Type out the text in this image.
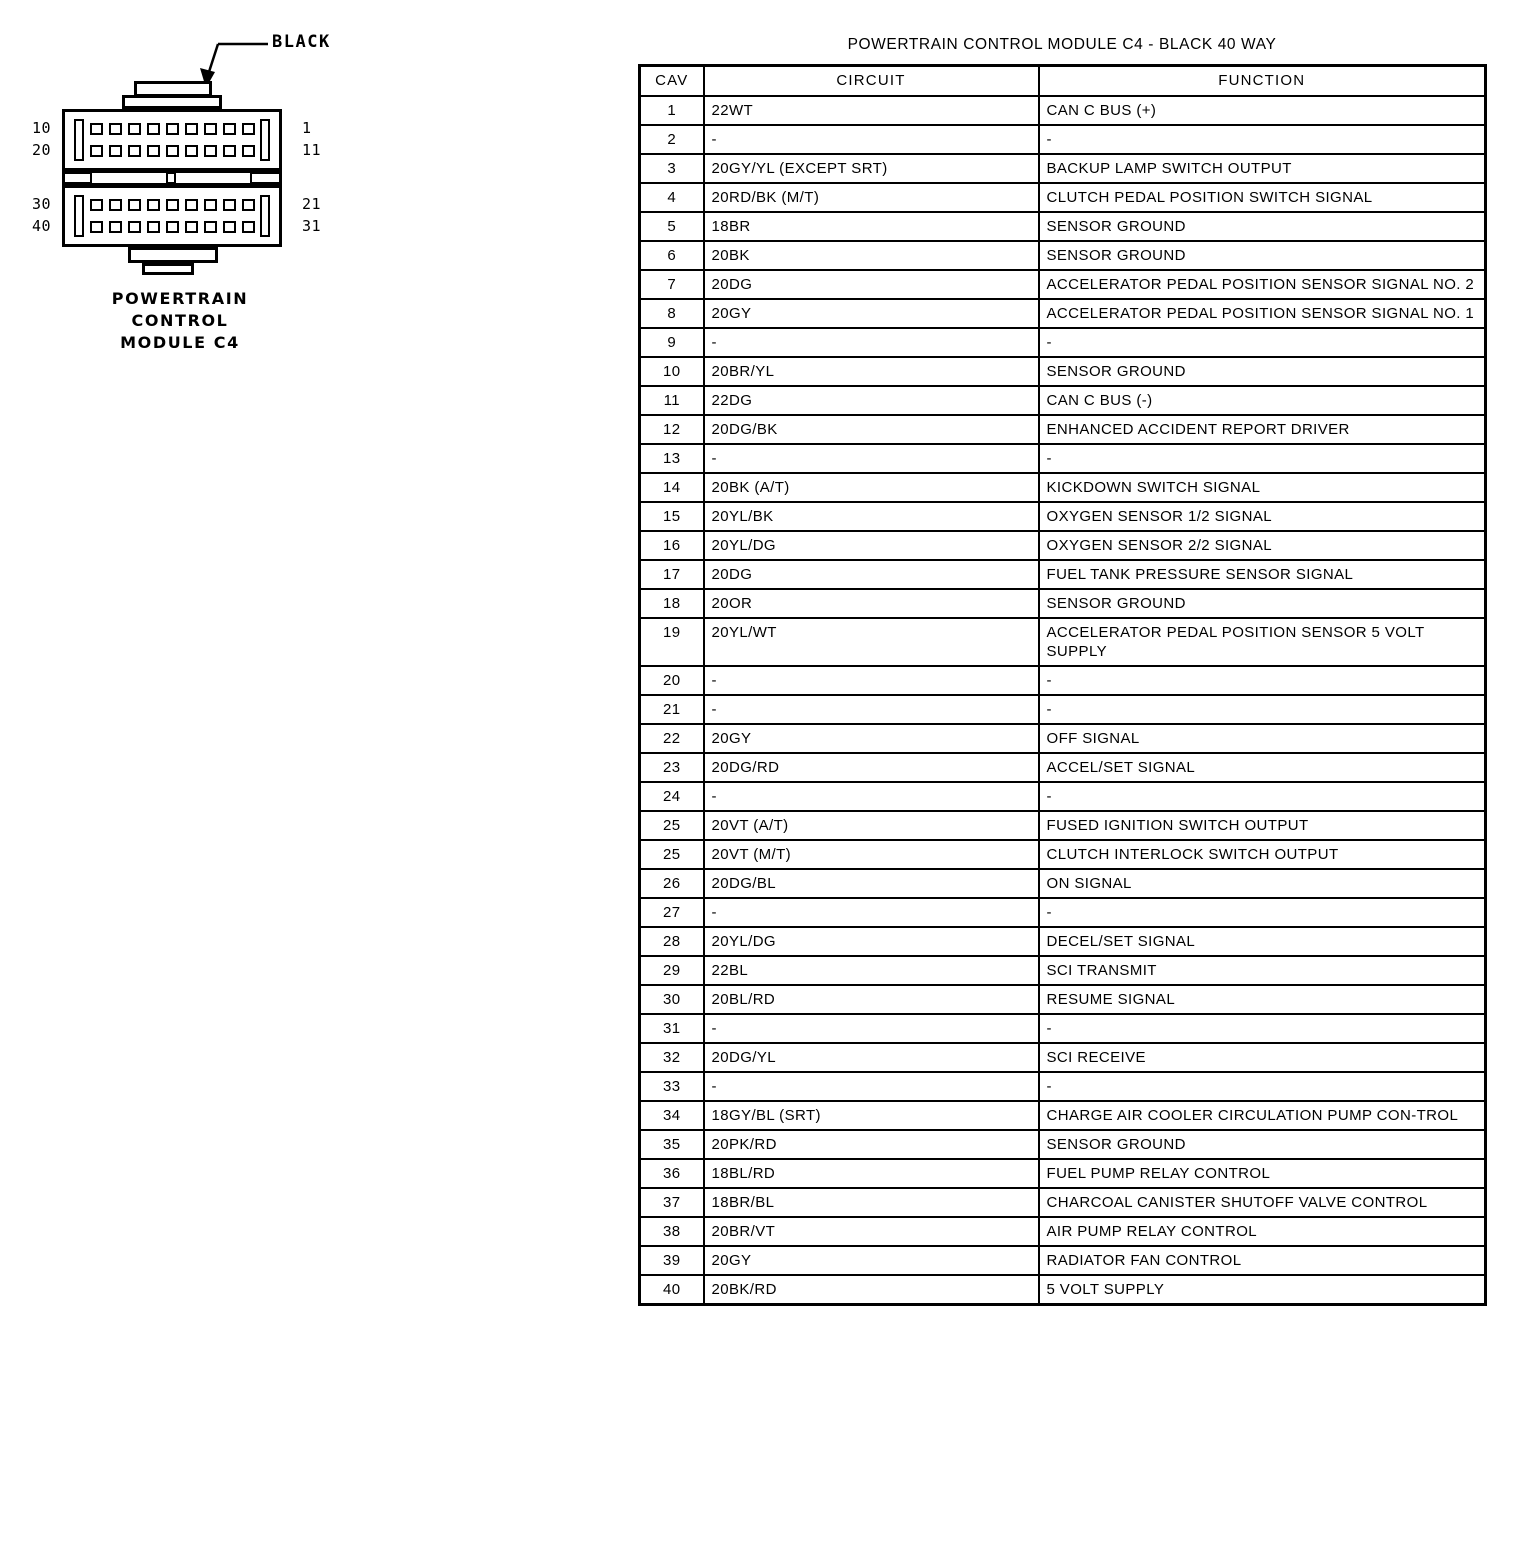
BLACK
10
20
30
40
1
11
21
31
POWERTRAIN
CONTROL
MODULE C4
POWERTRAIN CONTROL MODULE C4 - BLACK 40 WAY
CAV	CIRCUIT	FUNCTION
1	22WT	CAN C BUS (+)
2	-	-
3	20GY/YL (EXCEPT SRT)	BACKUP LAMP SWITCH OUTPUT
4	20RD/BK (M/T)	CLUTCH PEDAL POSITION SWITCH SIGNAL
5	18BR	SENSOR GROUND
6	20BK	SENSOR GROUND
7	20DG	ACCELERATOR PEDAL POSITION SENSOR SIGNAL NO. 2
8	20GY	ACCELERATOR PEDAL POSITION SENSOR SIGNAL NO. 1
9	-	-
10	20BR/YL	SENSOR GROUND
11	22DG	CAN C BUS (-)
12	20DG/BK	ENHANCED ACCIDENT REPORT DRIVER
13	-	-
14	20BK (A/T)	KICKDOWN SWITCH SIGNAL
15	20YL/BK	OXYGEN SENSOR 1/2 SIGNAL
16	20YL/DG	OXYGEN SENSOR 2/2 SIGNAL
17	20DG	FUEL TANK PRESSURE SENSOR SIGNAL
18	20OR	SENSOR GROUND
19	20YL/WT	ACCELERATOR PEDAL POSITION SENSOR 5 VOLT SUPPLY
20	-	-
21	-	-
22	20GY	OFF SIGNAL
23	20DG/RD	ACCEL/SET SIGNAL
24	-	-
25	20VT (A/T)	FUSED IGNITION SWITCH OUTPUT
25	20VT (M/T)	CLUTCH INTERLOCK SWITCH OUTPUT
26	20DG/BL	ON SIGNAL
27	-	-
28	20YL/DG	DECEL/SET SIGNAL
29	22BL	SCI TRANSMIT
30	20BL/RD	RESUME SIGNAL
31	-	-
32	20DG/YL	SCI RECEIVE
33	-	-
34	18GY/BL (SRT)	CHARGE AIR COOLER CIRCULATION PUMP CON-TROL
35	20PK/RD	SENSOR GROUND
36	18BL/RD	FUEL PUMP RELAY CONTROL
37	18BR/BL	CHARCOAL CANISTER SHUTOFF VALVE CONTROL
38	20BR/VT	AIR PUMP RELAY CONTROL
39	20GY	RADIATOR FAN CONTROL
40	20BK/RD	5 VOLT SUPPLY
